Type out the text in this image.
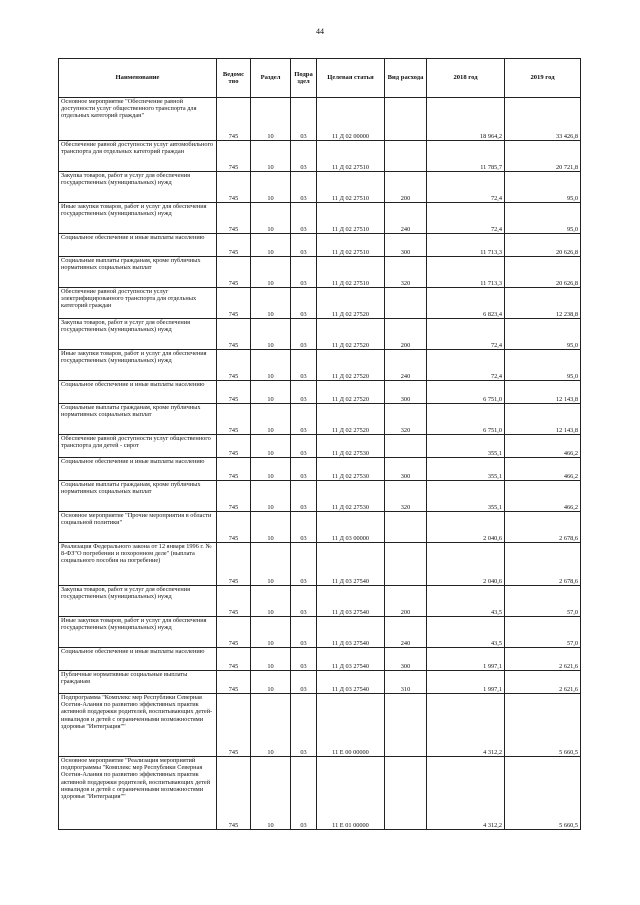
44
Наименование	Ведомс тво	Раздел	Подра здел	Целевая статья	Вид расхода	2018 год	2019 год
Основное мероприятие "Обеспечение равной доступности услуг общественного транспорта для отдельных категорий граждан"	745	10	03	11 Д 02 00000		18 964,2	33 426,8
Обеспечение равной доступности услуг автомобильного транспорта для отдельных категорий граждан	745	10	03	11 Д 02 27510		11 785,7	20 721,8
Закупка товаров, работ и услуг для обеспечения государственных (муниципальных) нужд	745	10	03	11 Д 02 27510	200	72,4	95,0
Иные закупки товаров, работ и услуг для обеспечения государственных (муниципальных) нужд	745	10	03	11 Д 02 27510	240	72,4	95,0
Социальное обеспечение и иные выплаты населению	745	10	03	11 Д 02 27510	300	11 713,3	20 626,8
Социальные выплаты гражданам, кроме публичных нормативных социальных выплат	745	10	03	11 Д 02 27510	320	11 713,3	20 626,8
Обеспечение равной доступности услуг электрифицированного транспорта для отдельных категорий граждан	745	10	03	11 Д 02 27520		6 823,4	12 238,8
Закупка товаров, работ и услуг для обеспечения государственных (муниципальных) нужд	745	10	03	11 Д 02 27520	200	72,4	95,0
Иные закупки товаров, работ и услуг для обеспечения государственных (муниципальных) нужд	745	10	03	11 Д 02 27520	240	72,4	95,0
Социальное обеспечение и иные выплаты населению	745	10	03	11 Д 02 27520	300	6 751,0	12 143,8
Социальные выплаты гражданам, кроме публичных нормативных социальных выплат	745	10	03	11 Д 02 27520	320	6 751,0	12 143,8
Обеспечение равной доступности услуг общественного транспорта для детей - сирот	745	10	03	11 Д 02 27530		355,1	466,2
Социальное обеспечение и иные выплаты населению	745	10	03	11 Д 02 27530	300	355,1	466,2
Социальные выплаты гражданам, кроме публичных нормативных социальных выплат	745	10	03	11 Д 02 27530	320	355,1	466,2
Основное мероприятие "Прочие мероприятия в области социальной политики"	745	10	03	11 Д 03 00000		2 040,6	2 678,6
Реализация Федерального закона от 12 января 1996 г. № 8-ФЗ"О погребении и похоронном деле" (выплата социального пособия на погребение)	745	10	03	11 Д 03 27540		2 040,6	2 678,6
Закупка товаров, работ и услуг для обеспечения государственных (муниципальных) нужд	745	10	03	11 Д 03 27540	200	43,5	57,0
Иные закупки товаров, работ и услуг для обеспечения государственных (муниципальных) нужд	745	10	03	11 Д 03 27540	240	43,5	57,0
Социальное обеспечение и иные выплаты населению	745	10	03	11 Д 03 27540	300	1 997,1	2 621,6
Публичные нормативные социальные выплаты гражданам	745	10	03	11 Д 03 27540	310	1 997,1	2 621,6
Подпрограмма "Комплекс мер Республики Северная Осетия-Алания по развитию эффективных практик активной поддержки родителей, воспитывающих детей-инвалидов и детей с ограниченными возможностями здоровья "Интеграция""	745	10	03	11 Е 00 00000		4 312,2	5 660,5
Основное мероприятие "Реализация мероприятий подпрограммы "Комплекс мер Республики Северная Осетия-Алания по развитию эффективных практик активной поддержки родителей, воспитывающих детей инвалидов и детей с ограниченными возможностями здоровья "Интеграция""	745	10	03	11 Е 01 00000		4 312,2	5 660,5
